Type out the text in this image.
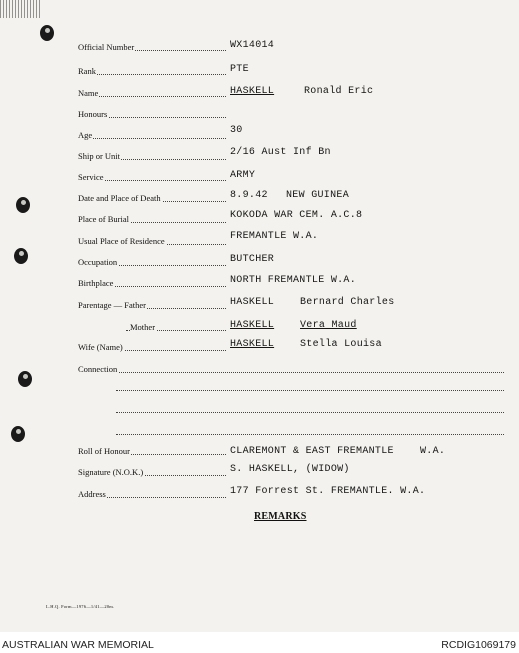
Official Number	WX14014
Rank	PTE
Name	HASKELL	Ronald Eric
Honours
Age	30
Ship or Unit	2/16 Aust Inf Bn
Service	ARMY
Date and Place of Death	8.9.42 NEW GUINEA
Place of Burial	KOKODA WAR CEM. A.C.8
Usual Place of Residence	FREMANTLE W.A.
Occupation	BUTCHER
Birthplace	NORTH FREMANTLE W.A.
Parentage — Father	HASKELL	Bernard Charles
Mother	HASKELL	Vera Maud
Wife (Name)	HASKELL	Stella Louisa
Connection
Roll of Honour	CLAREMONT & EAST FREMANTLE	W.A.
Signature (N.O.K.)	S. HASKELL, (WIDOW)
Address	177 Forrest St. FREMANTLE. W.A.
REMARKS
L.H.Q. Form—1976—1/41—20m.
AUSTRALIAN WAR MEMORIAL	RCDIG1069179
